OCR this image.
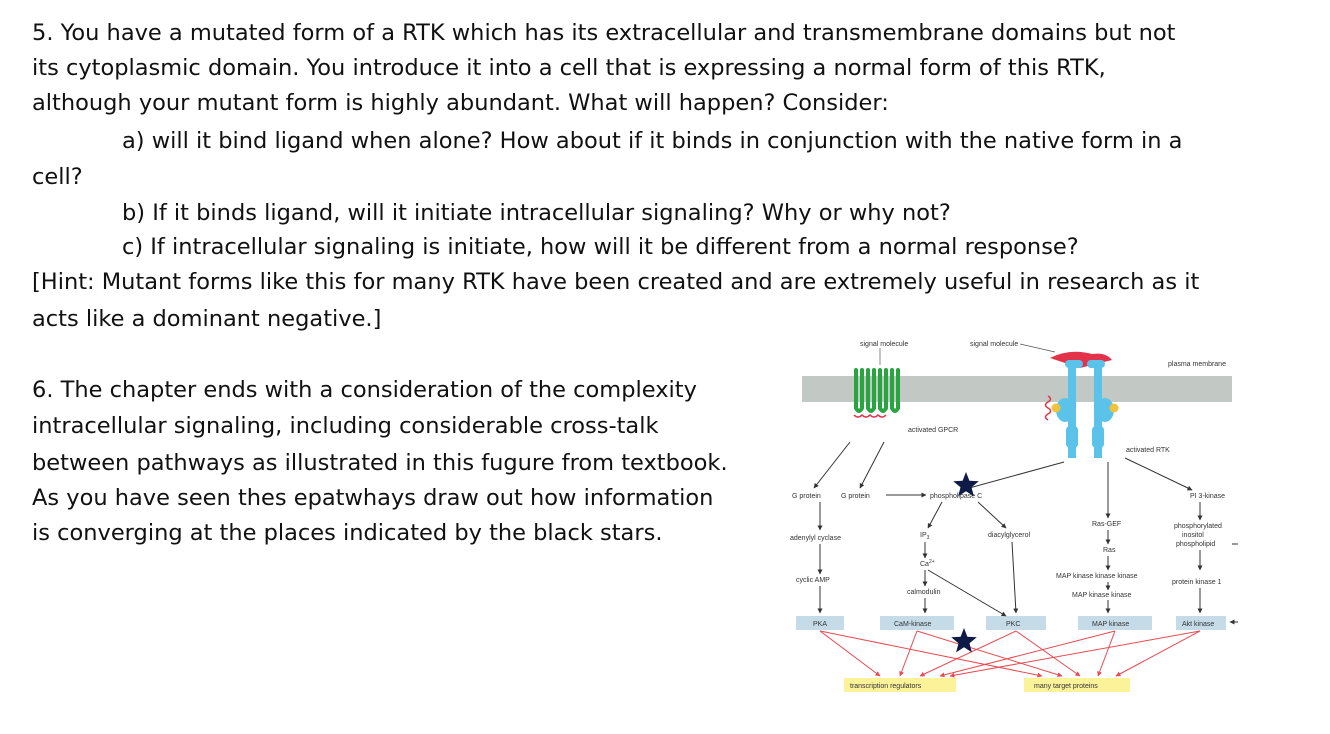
5. You have a mutated form of a RTK which has its extracellular and transmembrane domains but not

its cytoplasmic domain. You introduce it into a cell that is expressing a normal form of this RTK,

although your mutant form is highly abundant. What will happen? Consider:

a) will it bind ligand when alone? How about if it binds in conjunction with the native form in a

cell?

b) If it binds ligand, will it initiate intracellular signaling? Why or why not?

c) If intracellular signaling is initiate, how will it be different from a normal response?

[Hint: Mutant forms like this for many RTK have been created and are extremely useful in research as it

acts like a dominant negative.]

6. The chapter ends with a consideration of the complexity

intracellular signaling, including considerable cross-talk

between pathways as illustrated in this fugure from textbook.

As you have seen thes epatwhays draw out how information

is converging at the places indicated by the black stars.

signal molecule	signal molecule
plasma membrane
activated GPCR
activated RTK
G protein	G protein	phospholipase C	PI 3-kinase
adenylyl cyclase	$IP_3$	diacylglycerol
Ras-GEF	phosphorylated
inositol
phospholipid
$Ca^{2+}$
Ras
cyclic AMP
MAP kinase kinase kinase
protein kinase 1
calmodulin	MAP kinase kinase
PKA	CaM-kinase	PKC	MAP kinase	Akt kinase
transcription regulators	many target proteins
